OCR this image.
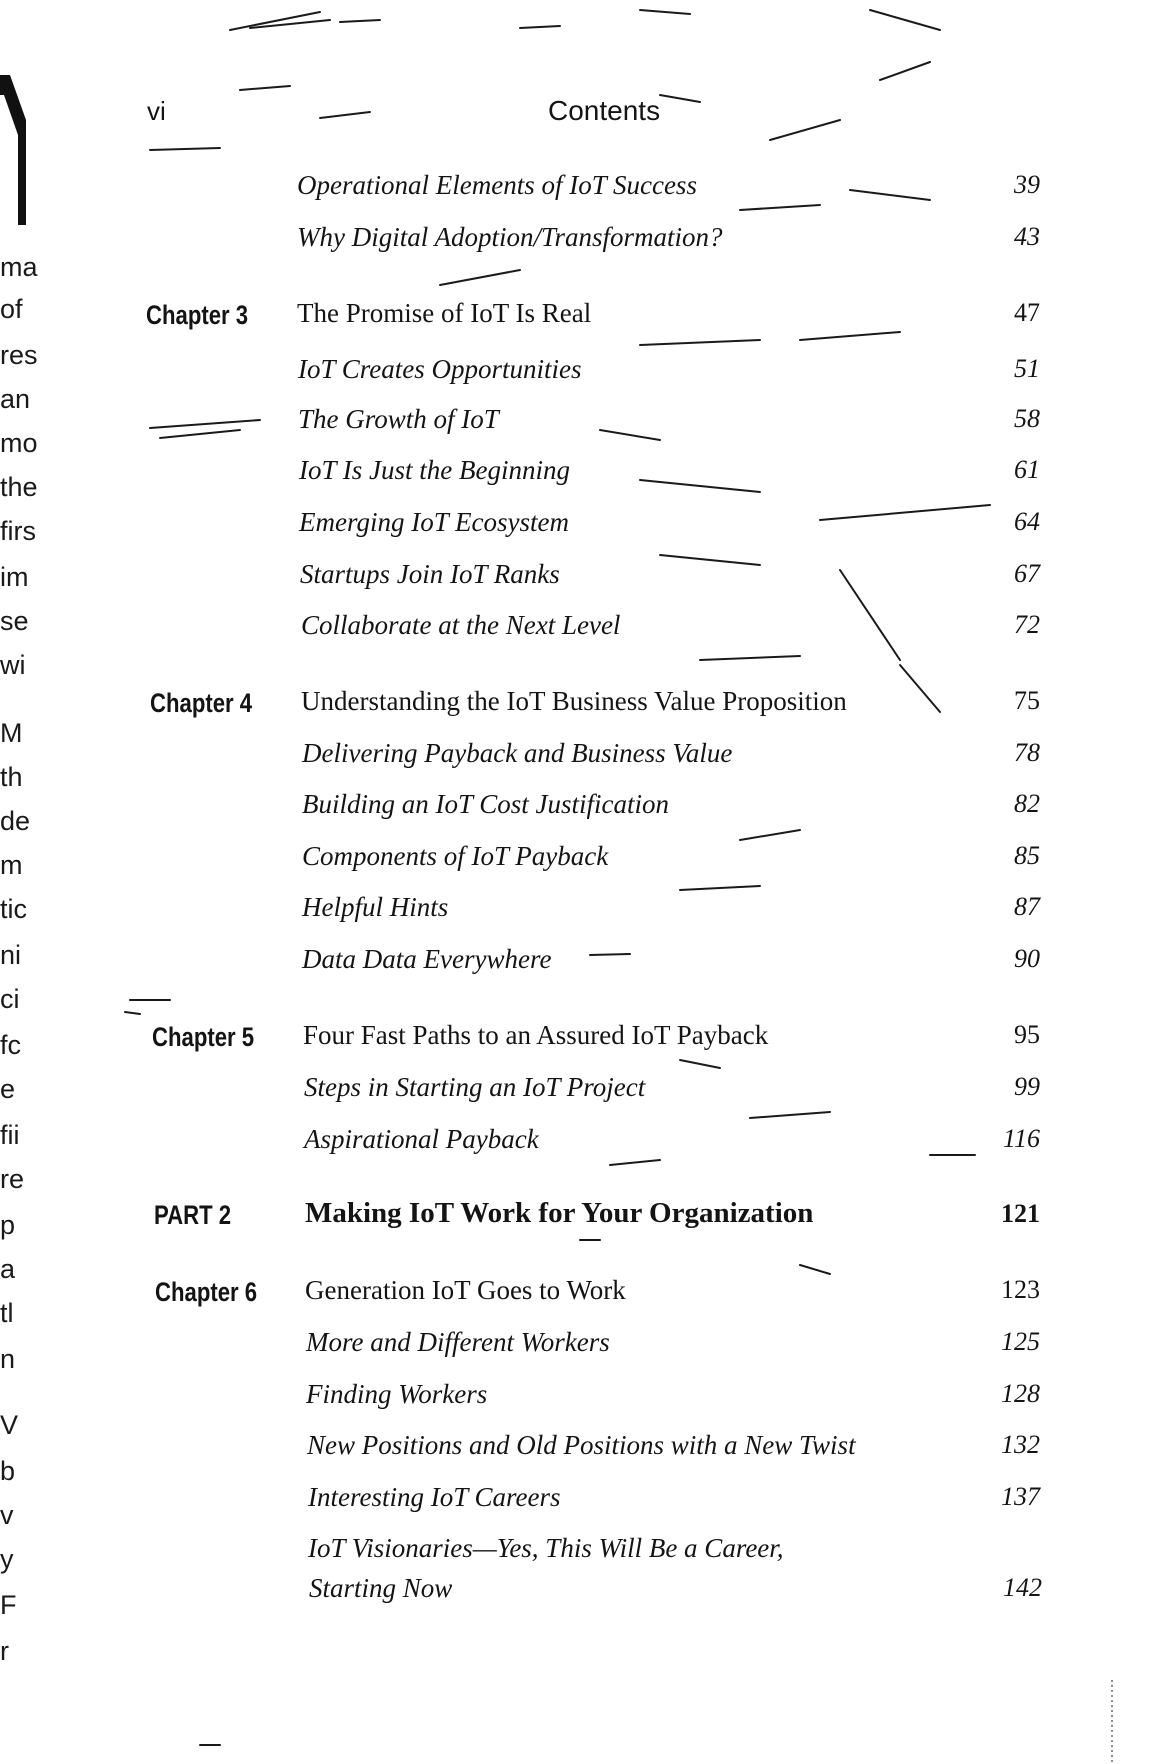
vi	Contents
Operational Elements of IoT Success	39
Why Digital Adoption/Transformation?	43
Chapter 3 The Promise of IoT Is Real	47
IoT Creates Opportunities	51
The Growth of IoT	58
IoT Is Just the Beginning	61
Emerging IoT Ecosystem	64
Startups Join IoT Ranks	67
Collaborate at the Next Level	72
Chapter 4 Understanding the IoT Business Value Proposition	75
Delivering Payback and Business Value	78
Building an IoT Cost Justification	82
Components of IoT Payback	85
Helpful Hints	87
Data Data Everywhere	90
Chapter 5 Four Fast Paths to an Assured IoT Payback	95
Steps in Starting an IoT Project	99
Aspirational Payback	116
PART 2	Making IoT Work for Your Organization	121
Chapter 6 Generation IoT Goes to Work	123
More and Different Workers	125
Finding Workers	128
New Positions and Old Positions with a New Twist	132
Interesting IoT Careers	137
IoT Visionaries—Yes, This Will Be a Career,
Starting Now	142
ma
of
res
an
mo
the
firs
im
se
wi
M
th
de
m
tic
ni
ci
fc
e
fii
re
p
a
tl
n
V
b
v
y
F
r
